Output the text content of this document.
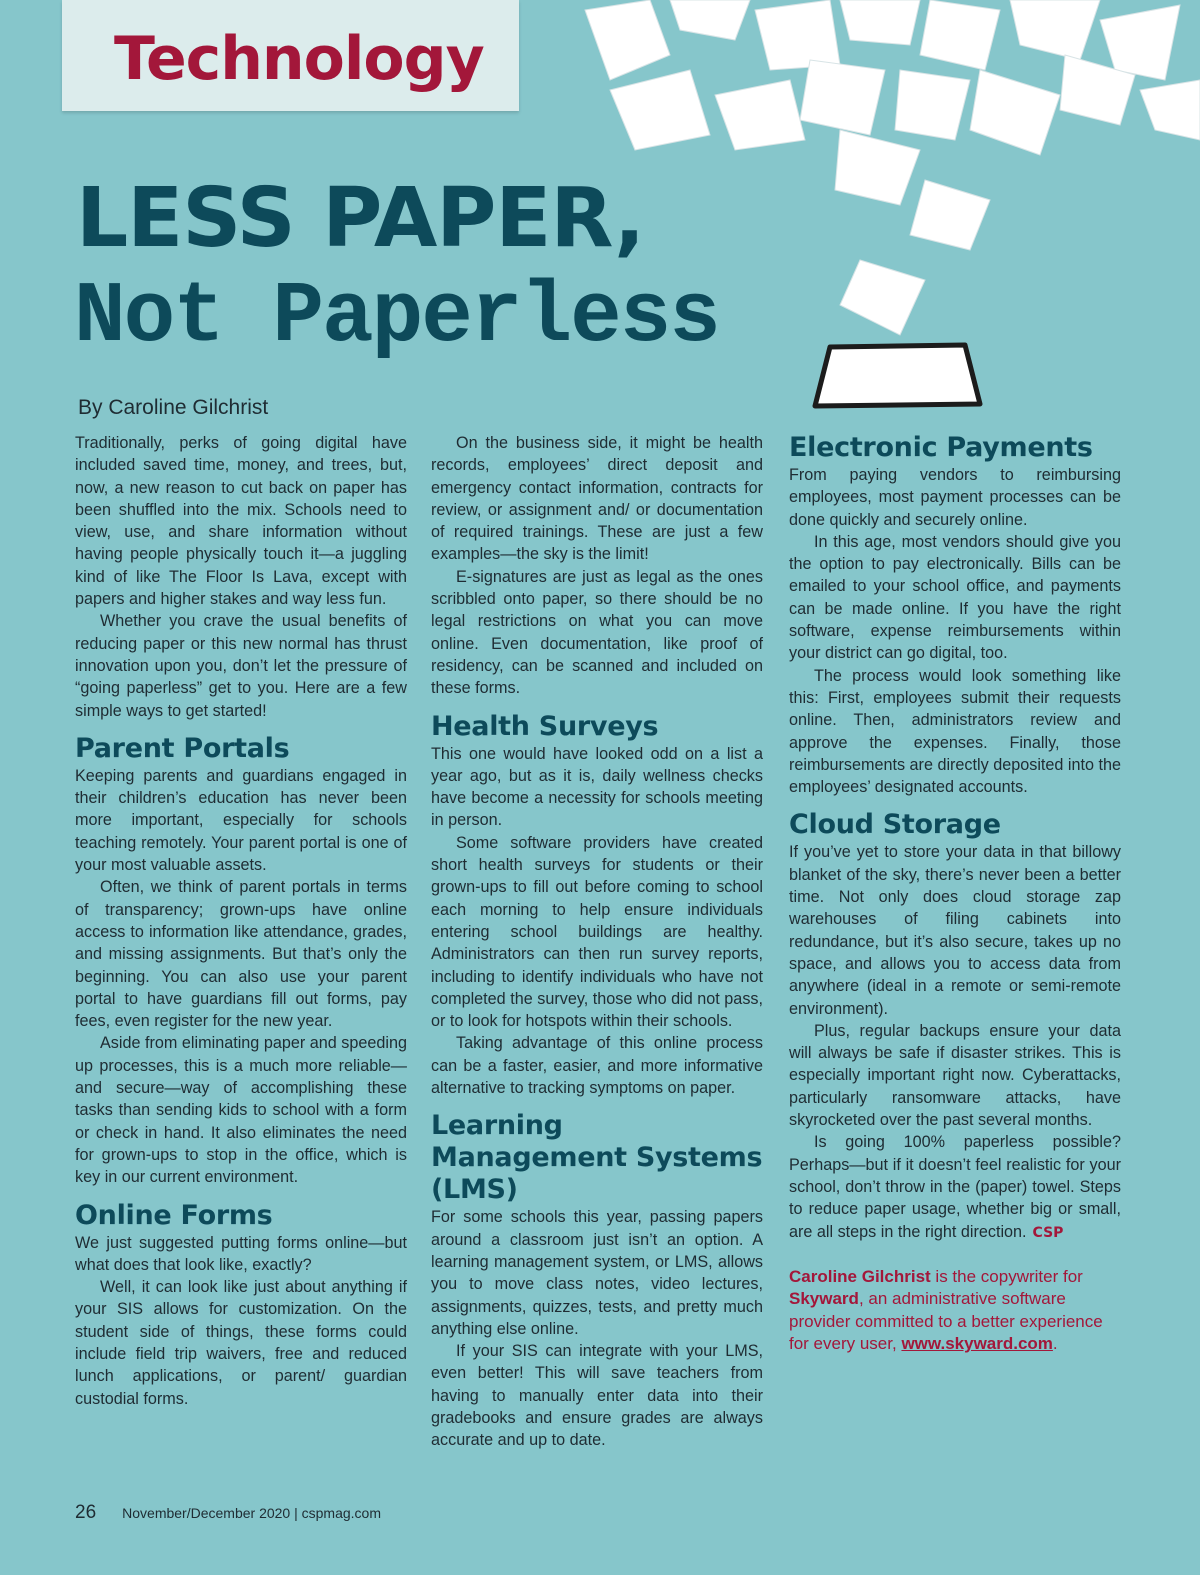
Technology
LESS PAPER,
Not Paperless
By Caroline Gilchrist

Traditionally, perks of going digital have included saved time, money, and trees, but, now, a new reason to cut back on paper has been shuffled into the mix. Schools need to view, use, and share information without having people physically touch it—a juggling kind of like The Floor Is Lava, except with papers and higher stakes and way less fun.

Whether you crave the usual benefits of reducing paper or this new normal has thrust innovation upon you, don’t let the pressure of “going paperless” get to you. Here are a few simple ways to get started!

Parent Portals

Keeping parents and guardians engaged in their children’s education has never been more important, especially for schools teaching remotely. Your parent portal is one of your most valuable assets.

Often, we think of parent portals in terms of transparency; grown-ups have online access to information like attendance, grades, and missing assignments. But that’s only the beginning. You can also use your parent portal to have guardians fill out forms, pay fees, even register for the new year.

Aside from eliminating paper and speeding up processes, this is a much more reliable—and secure—way of accomplishing these tasks than sending kids to school with a form or check in hand. It also eliminates the need for grown-ups to stop in the office, which is key in our current environment.

Online Forms

We just suggested putting forms online—but what does that look like, exactly?

Well, it can look like just about anything if your SIS allows for customization. On the student side of things, these forms could include field trip waivers, free and reduced lunch applications, or parent/ guardian custodial forms.

On the business side, it might be health records, employees’ direct deposit and emergency contact information, contracts for review, or assignment and/ or documentation of required trainings. These are just a few examples—the sky is the limit!

E-signatures are just as legal as the ones scribbled onto paper, so there should be no legal restrictions on what you can move online. Even documentation, like proof of residency, can be scanned and included on these forms.

Health Surveys

This one would have looked odd on a list a year ago, but as it is, daily wellness checks have become a necessity for schools meeting in person.

Some software providers have created short health surveys for students or their grown-ups to fill out before coming to school each morning to help ensure individuals entering school buildings are healthy. Administrators can then run survey reports, including to identify individuals who have not completed the survey, those who did not pass, or to look for hotspots within their schools.

Taking advantage of this online process can be a faster, easier, and more informative alternative to tracking symptoms on paper.

Learning Management Systems (LMS)

For some schools this year, passing papers around a classroom just isn’t an option. A learning management system, or LMS, allows you to move class notes, video lectures, assignments, quizzes, tests, and pretty much anything else online.

If your SIS can integrate with your LMS, even better! This will save teachers from having to manually enter data into their gradebooks and ensure grades are always accurate and up to date.

Electronic Payments

From paying vendors to reimbursing employees, most payment processes can be done quickly and securely online.

In this age, most vendors should give you the option to pay electronically. Bills can be emailed to your school office, and payments can be made online. If you have the right software, expense reimbursements within your district can go digital, too.

The process would look something like this: First, employees submit their requests online. Then, administrators review and approve the expenses. Finally, those reimbursements are directly deposited into the employees’ designated accounts.

Cloud Storage

If you’ve yet to store your data in that billowy blanket of the sky, there’s never been a better time. Not only does cloud storage zap warehouses of filing cabinets into redundance, but it’s also secure, takes up no space, and allows you to access data from anywhere (ideal in a remote or semi-remote environment).

Plus, regular backups ensure your data will always be safe if disaster strikes. This is especially important right now. Cyberattacks, particularly ransomware attacks, have skyrocketed over the past several months.

Is going 100% paperless possible? Perhaps—but if it doesn’t feel realistic for your school, don’t throw in the (paper) towel. Steps to reduce paper usage, whether big or small, are all steps in the right direction. CSP

Caroline Gilchrist is the copywriter for Skyward, an administrative software provider committed to a better experience for every user, www.skyward.com.
26 November/December 2020 | cspmag.com
